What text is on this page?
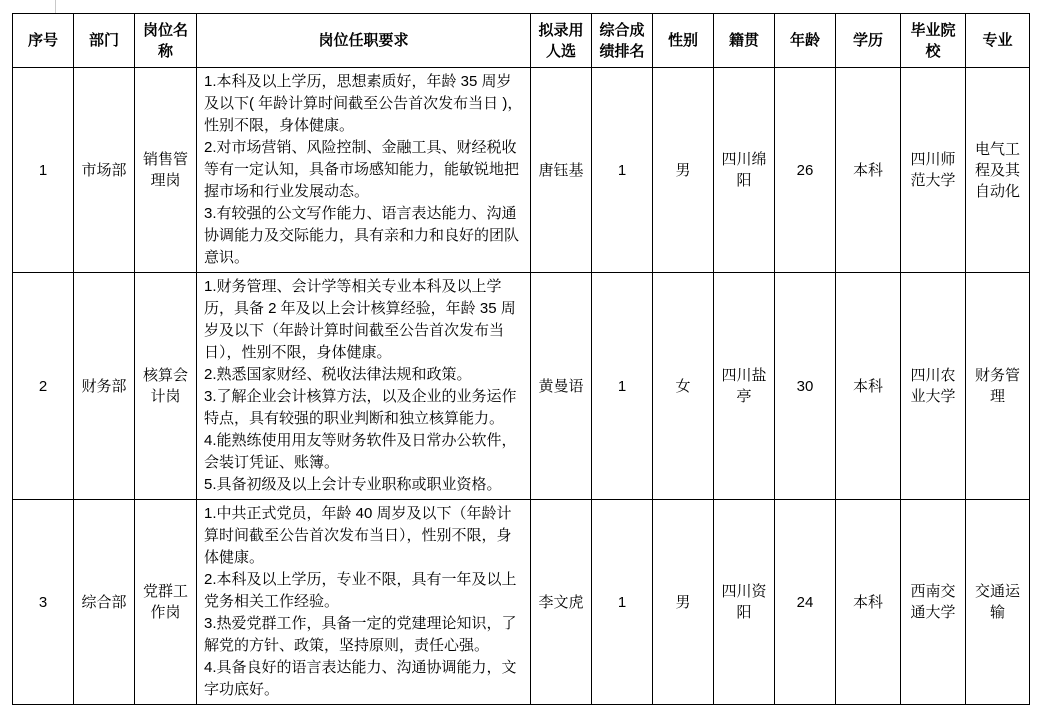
序号	部门	岗位名称	岗位任职要求	拟录用人选	综合成绩排名	性别	籍贯	年龄	学历	毕业院校	专业
1	市场部	销售管理岗	1.本科及以上学历，思想素质好，年龄 35 周岁及以下( 年龄计算时间截至公告首次发布当日 )，性别不限，身体健康。
2.对市场营销、风险控制、金融工具、财经税收等有一定认知，具备市场感知能力，能敏锐地把握市场和行业发展动态。
3.有较强的公文写作能力、语言表达能力、沟通协调能力及交际能力，具有亲和力和良好的团队意识。	唐钰基	1	男	四川绵阳	26	本科	四川师范大学	电气工程及其自动化
2	财务部	核算会计岗	1.财务管理、会计学等相关专业本科及以上学历，具备 2 年及以上会计核算经验，年龄 35 周岁及以下（年龄计算时间截至公告首次发布当日），性别不限，身体健康。
2.熟悉国家财经、税收法律法规和政策。
3.了解企业会计核算方法，以及企业的业务运作特点，具有较强的职业判断和独立核算能力。
4.能熟练使用用友等财务软件及日常办公软件，会装订凭证、账簿。
5.具备初级及以上会计专业职称或职业资格。	黄曼语	1	女	四川盐亭	30	本科	四川农业大学	财务管理
3	综合部	党群工作岗	1.中共正式党员，年龄 40 周岁及以下（年龄计算时间截至公告首次发布当日），性别不限，身体健康。
2.本科及以上学历，专业不限，具有一年及以上党务相关工作经验。
3.热爱党群工作，具备一定的党建理论知识，了解党的方针、政策，坚持原则，责任心强。
4.具备良好的语言表达能力、沟通协调能力，文字功底好。	李文虎	1	男	四川资阳	24	本科	西南交通大学	交通运输
